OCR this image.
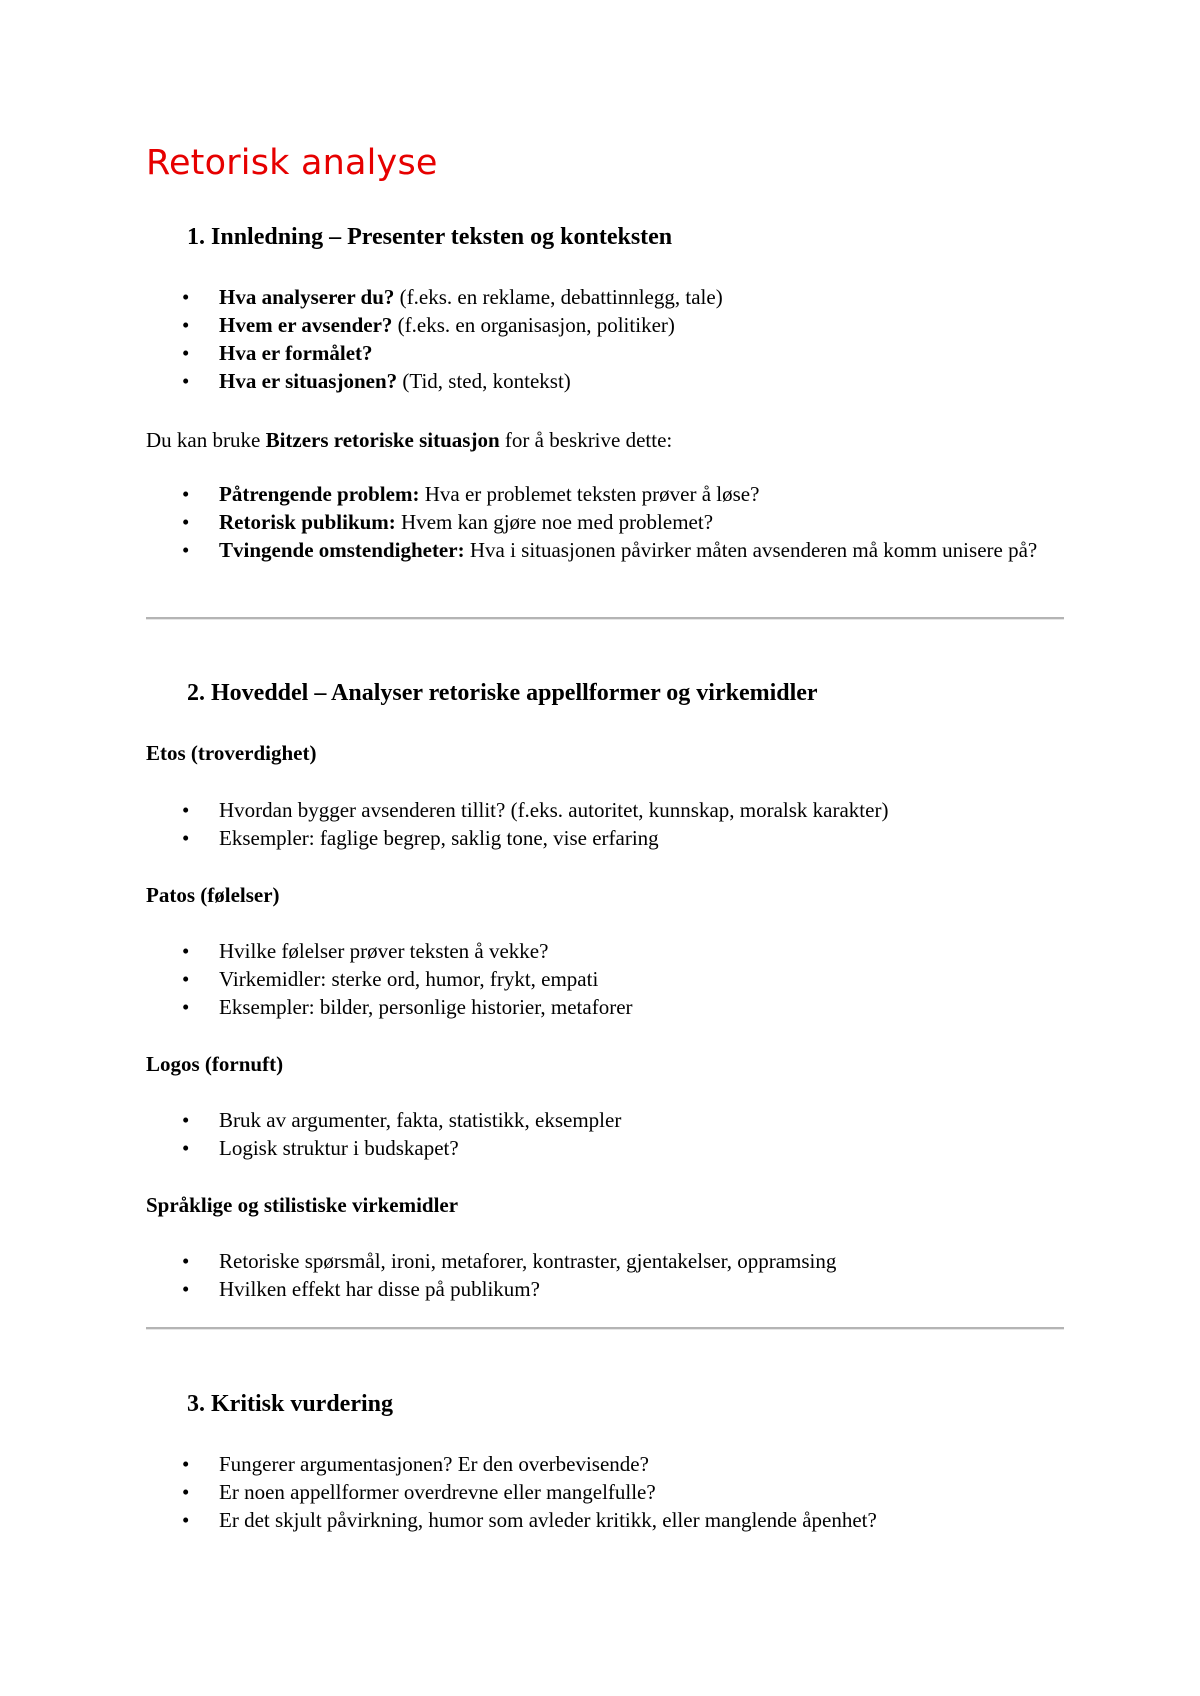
Retorisk analyse
1. Innledning – Presenter teksten og konteksten
• Hva analyserer du? (f.eks. en reklame, debattinnlegg, tale)
• Hvem er avsender? (f.eks. en organisasjon, politiker)
• Hva er formålet?
• Hva er situasjonen? (Tid, sted, kontekst)

Du kan bruke Bitzers retoriske situasjon for å beskrive dette:

• Påtrengende problem: Hva er problemet teksten prøver å løse?
• Retorisk publikum: Hvem kan gjøre noe med problemet?
• Tvingende omstendigheter: Hva i situasjonen påvirker måten avsenderen må komm unisere på?
2. Hoveddel – Analyser retoriske appellformer og virkemidler
Etos (troverdighet)
• Hvordan bygger avsenderen tillit? (f.eks. autoritet, kunnskap, moralsk karakter)
• Eksempler: faglige begrep, saklig tone, vise erfaring
Patos (følelser)
• Hvilke følelser prøver teksten å vekke?
• Virkemidler: sterke ord, humor, frykt, empati
• Eksempler: bilder, personlige historier, metaforer
Logos (fornuft)
• Bruk av argumenter, fakta, statistikk, eksempler
• Logisk struktur i budskapet?
Språklige og stilistiske virkemidler
• Retoriske spørsmål, ironi, metaforer, kontraster, gjentakelser, oppramsing
• Hvilken effekt har disse på publikum?
3. Kritisk vurdering
• Fungerer argumentasjonen? Er den overbevisende?
• Er noen appellformer overdrevne eller mangelfulle?
• Er det skjult påvirkning, humor som avleder kritikk, eller manglende åpenhet?
